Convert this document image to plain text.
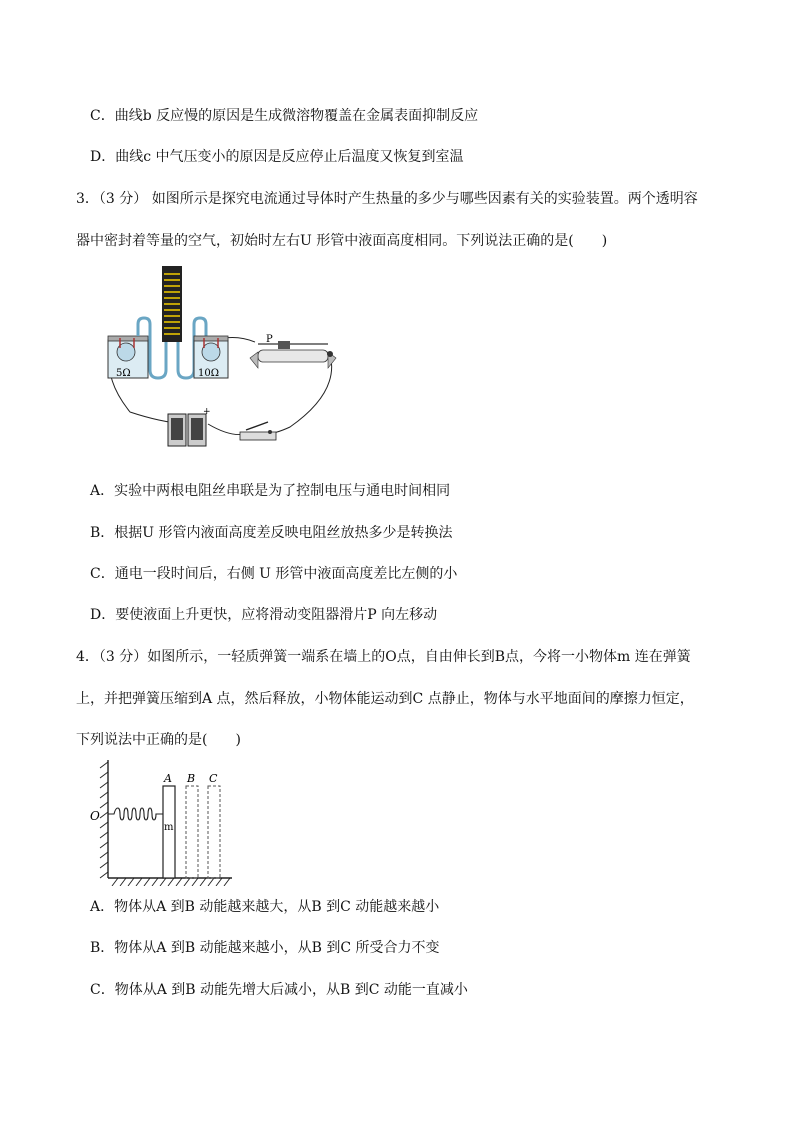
C．曲线b 反应慢的原因是生成微溶物覆盖在金属表面抑制反应
D．曲线c 中气压变小的原因是反应停止后温度又恢复到室温
3．（3 分） 如图所示是探究电流通过导体时产生热量的多少与哪些因素有关的实验装置。两个透明容
器中密封着等量的空气，初始时左右U 形管中液面高度相同。下列说法正确的是(　　)
5Ω	10Ω
P
+
A．实验中两根电阻丝串联是为了控制电压与通电时间相同
B．根据U 形管内液面高度差反映电阻丝放热多少是转换法
C．通电一段时间后，右侧 U 形管中液面高度差比左侧的小
D．要使液面上升更快，应将滑动变阻器滑片P 向左移动
4．（3 分）如图所示，一轻质弹簧一端系在墙上的O点，自由伸长到B点，今将一小物体m 连在弹簧
上，并把弹簧压缩到A 点，然后释放，小物体能运动到C 点静止，物体与水平地面间的摩擦力恒定，
下列说法中正确的是(　　)
O
A
m
B C
A．物体从A 到B 动能越来越大，从B 到C 动能越来越小
B．物体从A 到B 动能越来越小，从B 到C 所受合力不变
C．物体从A 到B 动能先增大后减小，从B 到C 动能一直减小
